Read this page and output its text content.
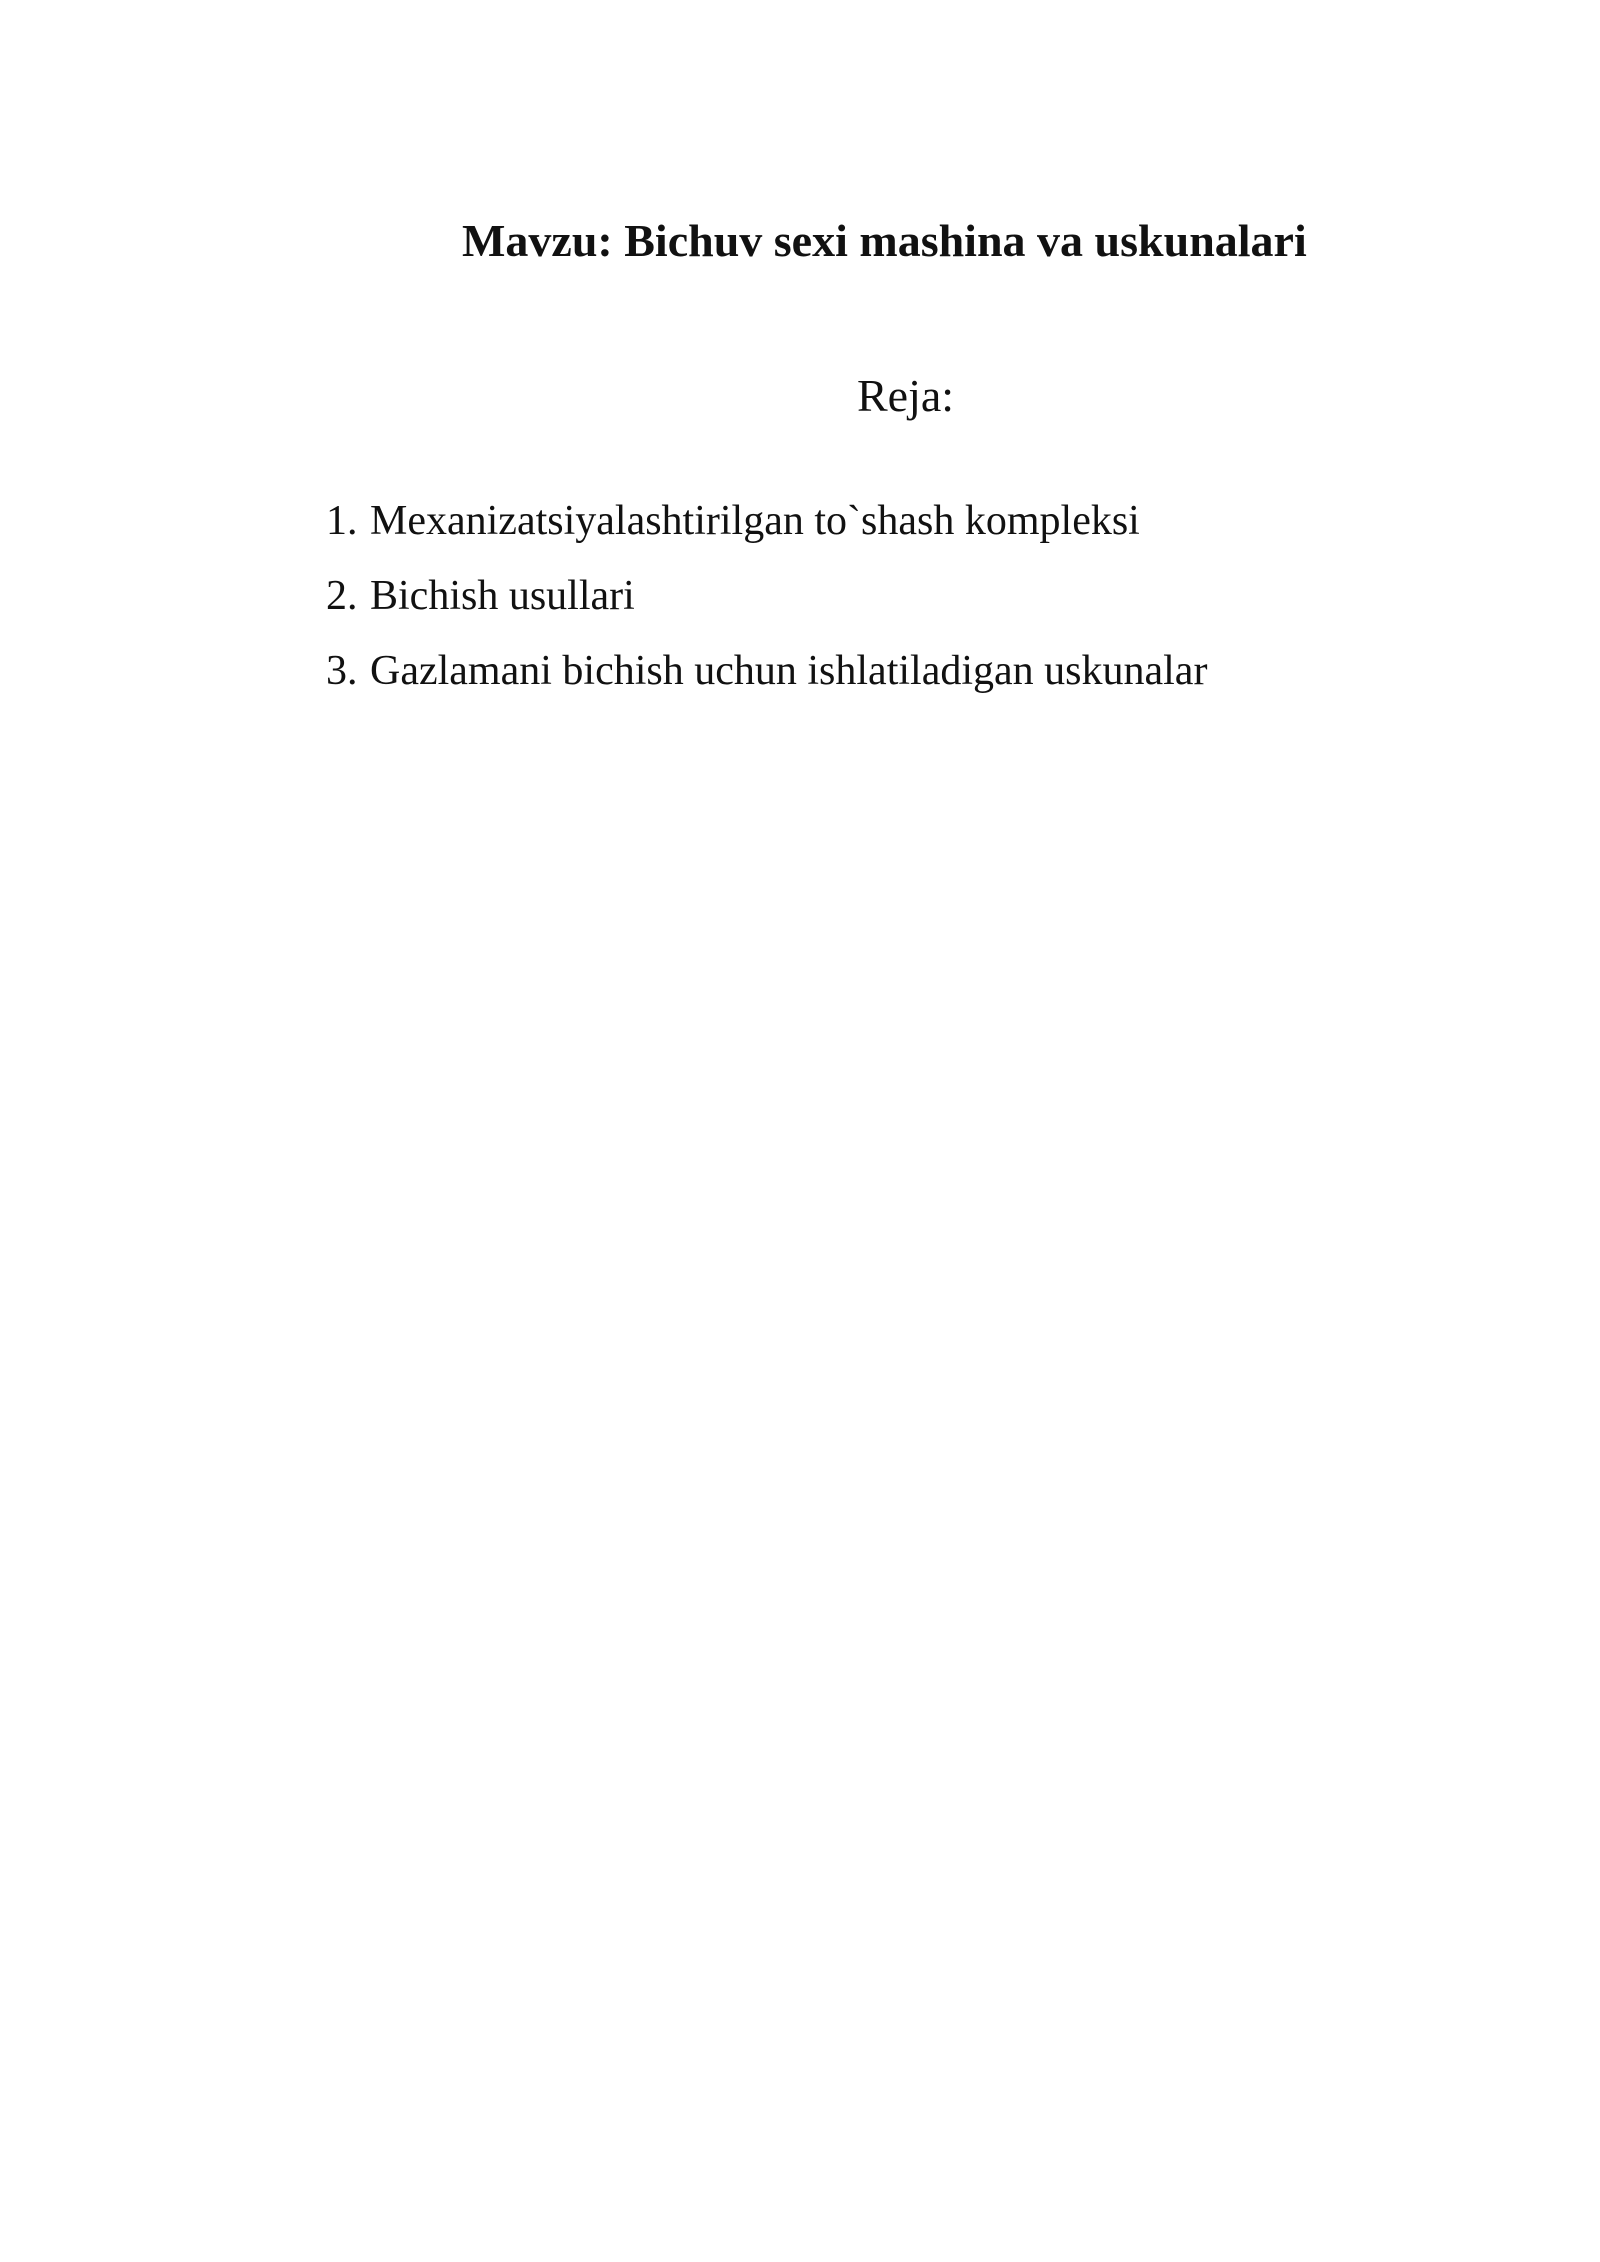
Mavzu: Bichuv sexi mashina va uskunalari
Reja:
1. Mexanizatsiyalashtirilgan to`shash kompleksi
2. Bichish usullari
3. Gazlamani bichish uchun ishlatiladigan uskunalar
